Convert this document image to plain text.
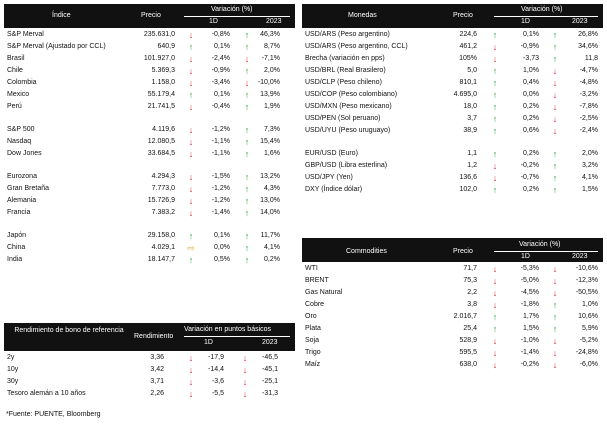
Índice	Precio
Variación (%)
1D	2023
S&P Merval	235.631,0	↓	-0,8%	↑	46,3%
S&P Merval (Ajustado por CCL)	640,9	↑	0,1%	↑	8,7%
Brasil	101.927,0	↓	-2,4%	↓	-7,1%
Chile	5.369,3	↓	-0,9%	↑	2,0%
Colombia	1.158,0	↓	-3,4%	↓	-10,0%
Mexico	55.179,4	↑	0,1%	↑	13,9%
Perú	21.741,5	↓	-0,4%	↑	1,9%
S&P 500	4.119,6	↓	-1,2%	↑	7,3%
Nasdaq	12.080,5	↓	-1,1%	↑	15,4%
Dow Jones	33.684,5	↓	-1,1%	↑	1,6%
Eurozona	4.294,3	↓	-1,5%	↑	13,2%
Gran Bretaña	7.773,0	↓	-1,2%	↑	4,3%
Alemania	15.726,9	↓	-1,2%	↑	13,0%
Francia	7.383,2	↓	-1,4%	↑	14,0%
Japón	29.158,0	↑	0,1%	↑	11,7%
China	4.029,1 ⇨	0,0%	↑	4,1%
India	18.147,7	↑	0,5%	↑	0,2%
Rendimiento de bono de referencia
Rendimiento
Variación en puntos básicos
1D	2023
2y	3,36	↓	-17,9	↓	-46,5
10y	3,42	↓	-14,4	↓	-45,1
30y	3,71	↓	-3,6	↓	-25,1
Tesoro alemán a 10 años	2,26	↓	-5,5	↓	-31,3
*Fuente: PUENTE, Bloomberg
Monedas	Precio
Variación (%)
1D	2023
USD/ARS (Peso argentino)	224,6	↑	0,1%	↑	26,8%
USD/ARS (Peso argentino, CCL)	461,2	↓	-0,9%	↑	34,6%
Brecha (variación en pps)	105%	↓	-3,73	↑	11,8
USD/BRL (Real Brasilero)	5,0	↑	1,0%	↓	-4,7%
USD/CLP (Peso chileno)	810,1	↑	0,4%	↓	-4,8%
USD/COP (Peso colombiano)	4.695,0	↑	0,0%	↓	-3,2%
USD/MXN (Peso mexicano)	18,0	↑	0,2%	↓	-7,8%
USD/PEN (Sol peruano)	3,7	↑	0,2%	↓	-2,5%
USD/UYU (Peso uruguayo)	38,9	↑	0,6%	↓	-2,4%
EUR/USD (Euro)	1,1	↑	0,2%	↑	2,0%
GBP/USD (Libra esterlina)	1,2	↓	-0,2%	↑	3,2%
USD/JPY (Yen)	136,6	↓	-0,7%	↑	4,1%
DXY (Índice dólar)	102,0	↑	0,2%	↑	1,5%
Commodities	Precio
Variación (%)
1D	2023
WTI	71,7	↓	-5,3%	↓	-10,6%
BRENT	75,3	↓	-5,0%	↓	-12,3%
Gas Natural	2,2	↓	-4,5%	↓	-50,5%
Cobre	3,8	↓	-1,8%	↑	1,0%
Oro	2.016,7	↑	1,7%	↑	10,6%
Plata	25,4	↑	1,5%	↑	5,9%
Soja	528,9	↓	-1,0%	↓	-5,2%
Trigo	595,5	↓	-1,4%	↓	-24,8%
Maíz	638,0	↓	-0,2%	↓	-6,0%
